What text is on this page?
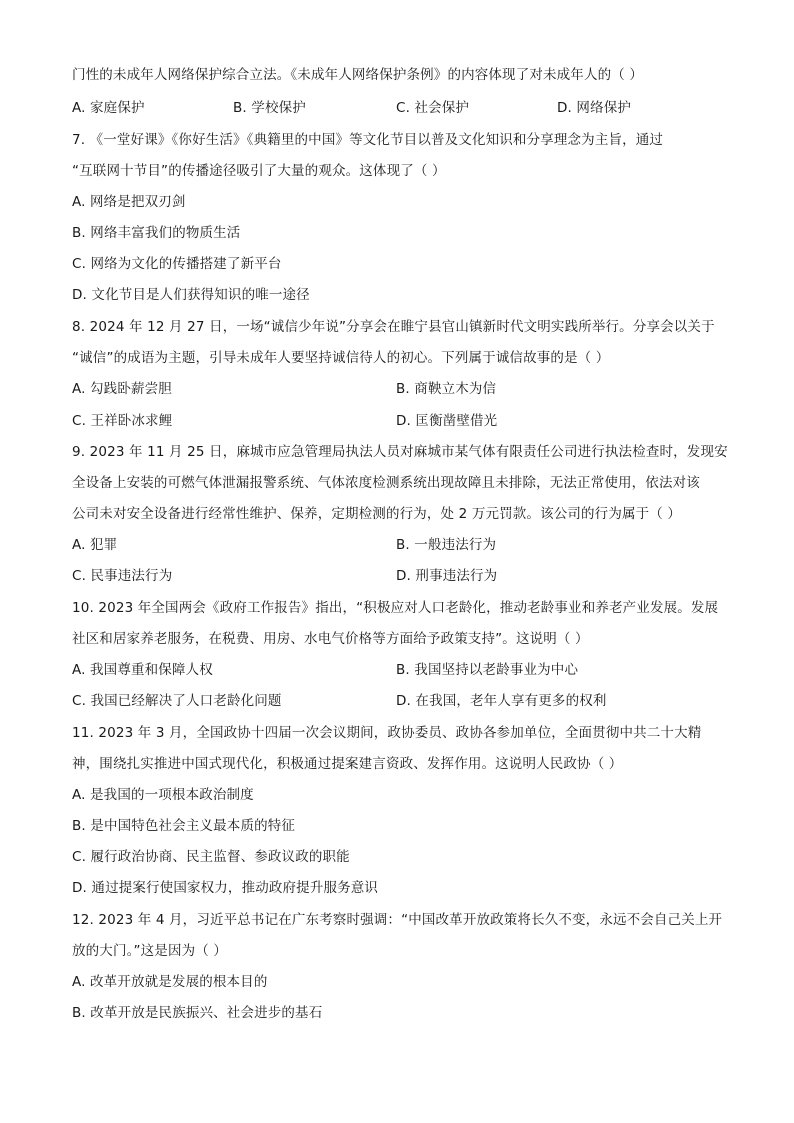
门性的未成年人网络保护综合立法。《未成年人网络保护条例》的内容体现了对未成年人的（ ）
A. 家庭保护	B. 学校保护	C. 社会保护	D. 网络保护
7. 《一堂好课》《你好生活》《典籍里的中国》等文化节目以普及文化知识和分享理念为主旨，通过
“互联网十节目”的传播途径吸引了大量的观众。这体现了（ ）
A. 网络是把双刃剑
B. 网络丰富我们的物质生活
C. 网络为文化的传播搭建了新平台
D. 文化节目是人们获得知识的唯一途径
8. 2024 年 12 月 27 日，一场“诚信少年说”分享会在睢宁县官山镇新时代文明实践所举行。分享会以关于
“诚信”的成语为主题，引导未成年人要坚持诚信待人的初心。下列属于诚信故事的是（ ）
A. 勾践卧薪尝胆	B. 商鞅立木为信
C. 王祥卧冰求鲤	D. 匡衡凿壁借光
9. 2023 年 11 月 25 日，麻城市应急管理局执法人员对麻城市某气体有限责任公司进行执法检查时，发现安
全设备上安装的可燃气体泄漏报警系统、气体浓度检测系统出现故障且未排除，无法正常使用，依法对该
公司未对安全设备进行经常性维护、保养，定期检测的行为，处 2 万元罚款。该公司的行为属于（ ）
A. 犯罪	B. 一般违法行为
C. 民事违法行为	D. 刑事违法行为
10. 2023 年全国两会《政府工作报告》指出，“积极应对人口老龄化，推动老龄事业和养老产业发展。发展
社区和居家养老服务，在税费、用房、水电气价格等方面给予政策支持”。这说明（ ）
A. 我国尊重和保障人权	B. 我国坚持以老龄事业为中心
C. 我国已经解决了人口老龄化问题	D. 在我国，老年人享有更多的权利
11. 2023 年 3 月，全国政协十四届一次会议期间，政协委员、政协各参加单位，全面贯彻中共二十大精
神，围绕扎实推进中国式现代化，积极通过提案建言资政、发挥作用。这说明人民政协（ ）
A. 是我国的一项根本政治制度
B. 是中国特色社会主义最本质的特征
C. 履行政治协商、民主监督、参政议政的职能
D. 通过提案行使国家权力，推动政府提升服务意识
12. 2023 年 4 月，习近平总书记在广东考察时强调：“中国改革开放政策将长久不变，永远不会自己关上开
放的大门。”这是因为（ ）
A. 改革开放就是发展的根本目的
B. 改革开放是民族振兴、社会进步的基石
